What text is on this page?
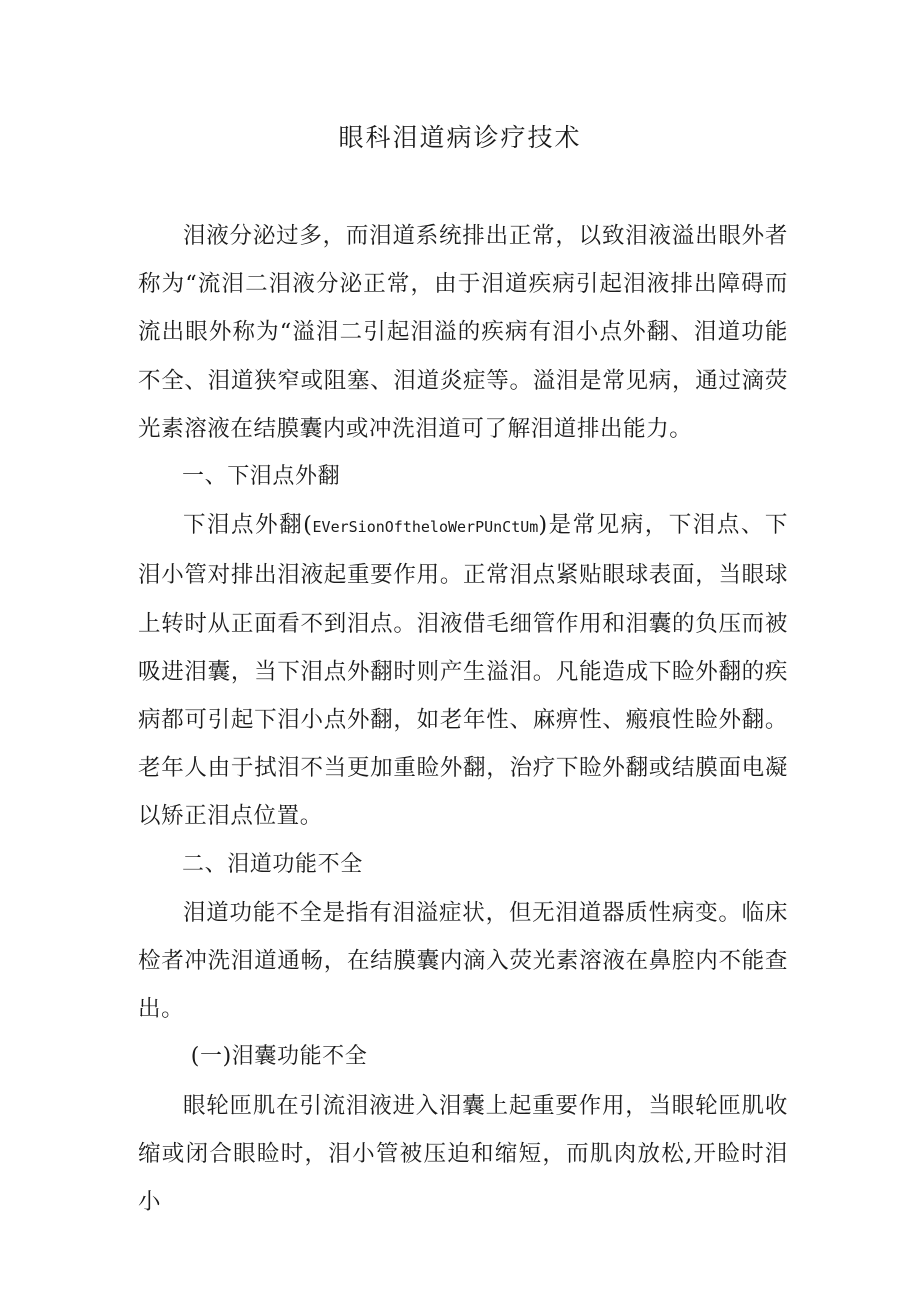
眼科泪道病诊疗技术

泪液分泌过多，而泪道系统排出正常，以致泪液溢出眼外者称为“流泪二泪液分泌正常，由于泪道疾病引起泪液排出障碍而流出眼外称为“溢泪二引起泪溢的疾病有泪小点外翻、泪道功能不全、泪道狭窄或阻塞、泪道炎症等。溢泪是常见病，通过滴荧光素溶液在结膜囊内或冲洗泪道可了解泪道排出能力。

一、下泪点外翻

下泪点外翻(EVerSionOftheloWerPUnCtUm)是常见病，下泪点、下泪小管对排出泪液起重要作用。正常泪点紧贴眼球表面，当眼球上转时从正面看不到泪点。泪液借毛细管作用和泪囊的负压而被吸进泪囊，当下泪点外翻时则产生溢泪。凡能造成下睑外翻的疾病都可引起下泪小点外翻，如老年性、麻痹性、瘢痕性睑外翻。老年人由于拭泪不当更加重睑外翻，治疗下睑外翻或结膜面电凝以矫正泪点位置。

二、泪道功能不全

泪道功能不全是指有泪溢症状，但无泪道器质性病变。临床检者冲洗泪道通畅，在结膜囊内滴入荧光素溶液在鼻腔内不能查出。

(一)泪囊功能不全

眼轮匝肌在引流泪液进入泪囊上起重要作用，当眼轮匝肌收缩或闭合眼睑时，泪小管被压迫和缩短，而肌肉放松,开睑时泪小
